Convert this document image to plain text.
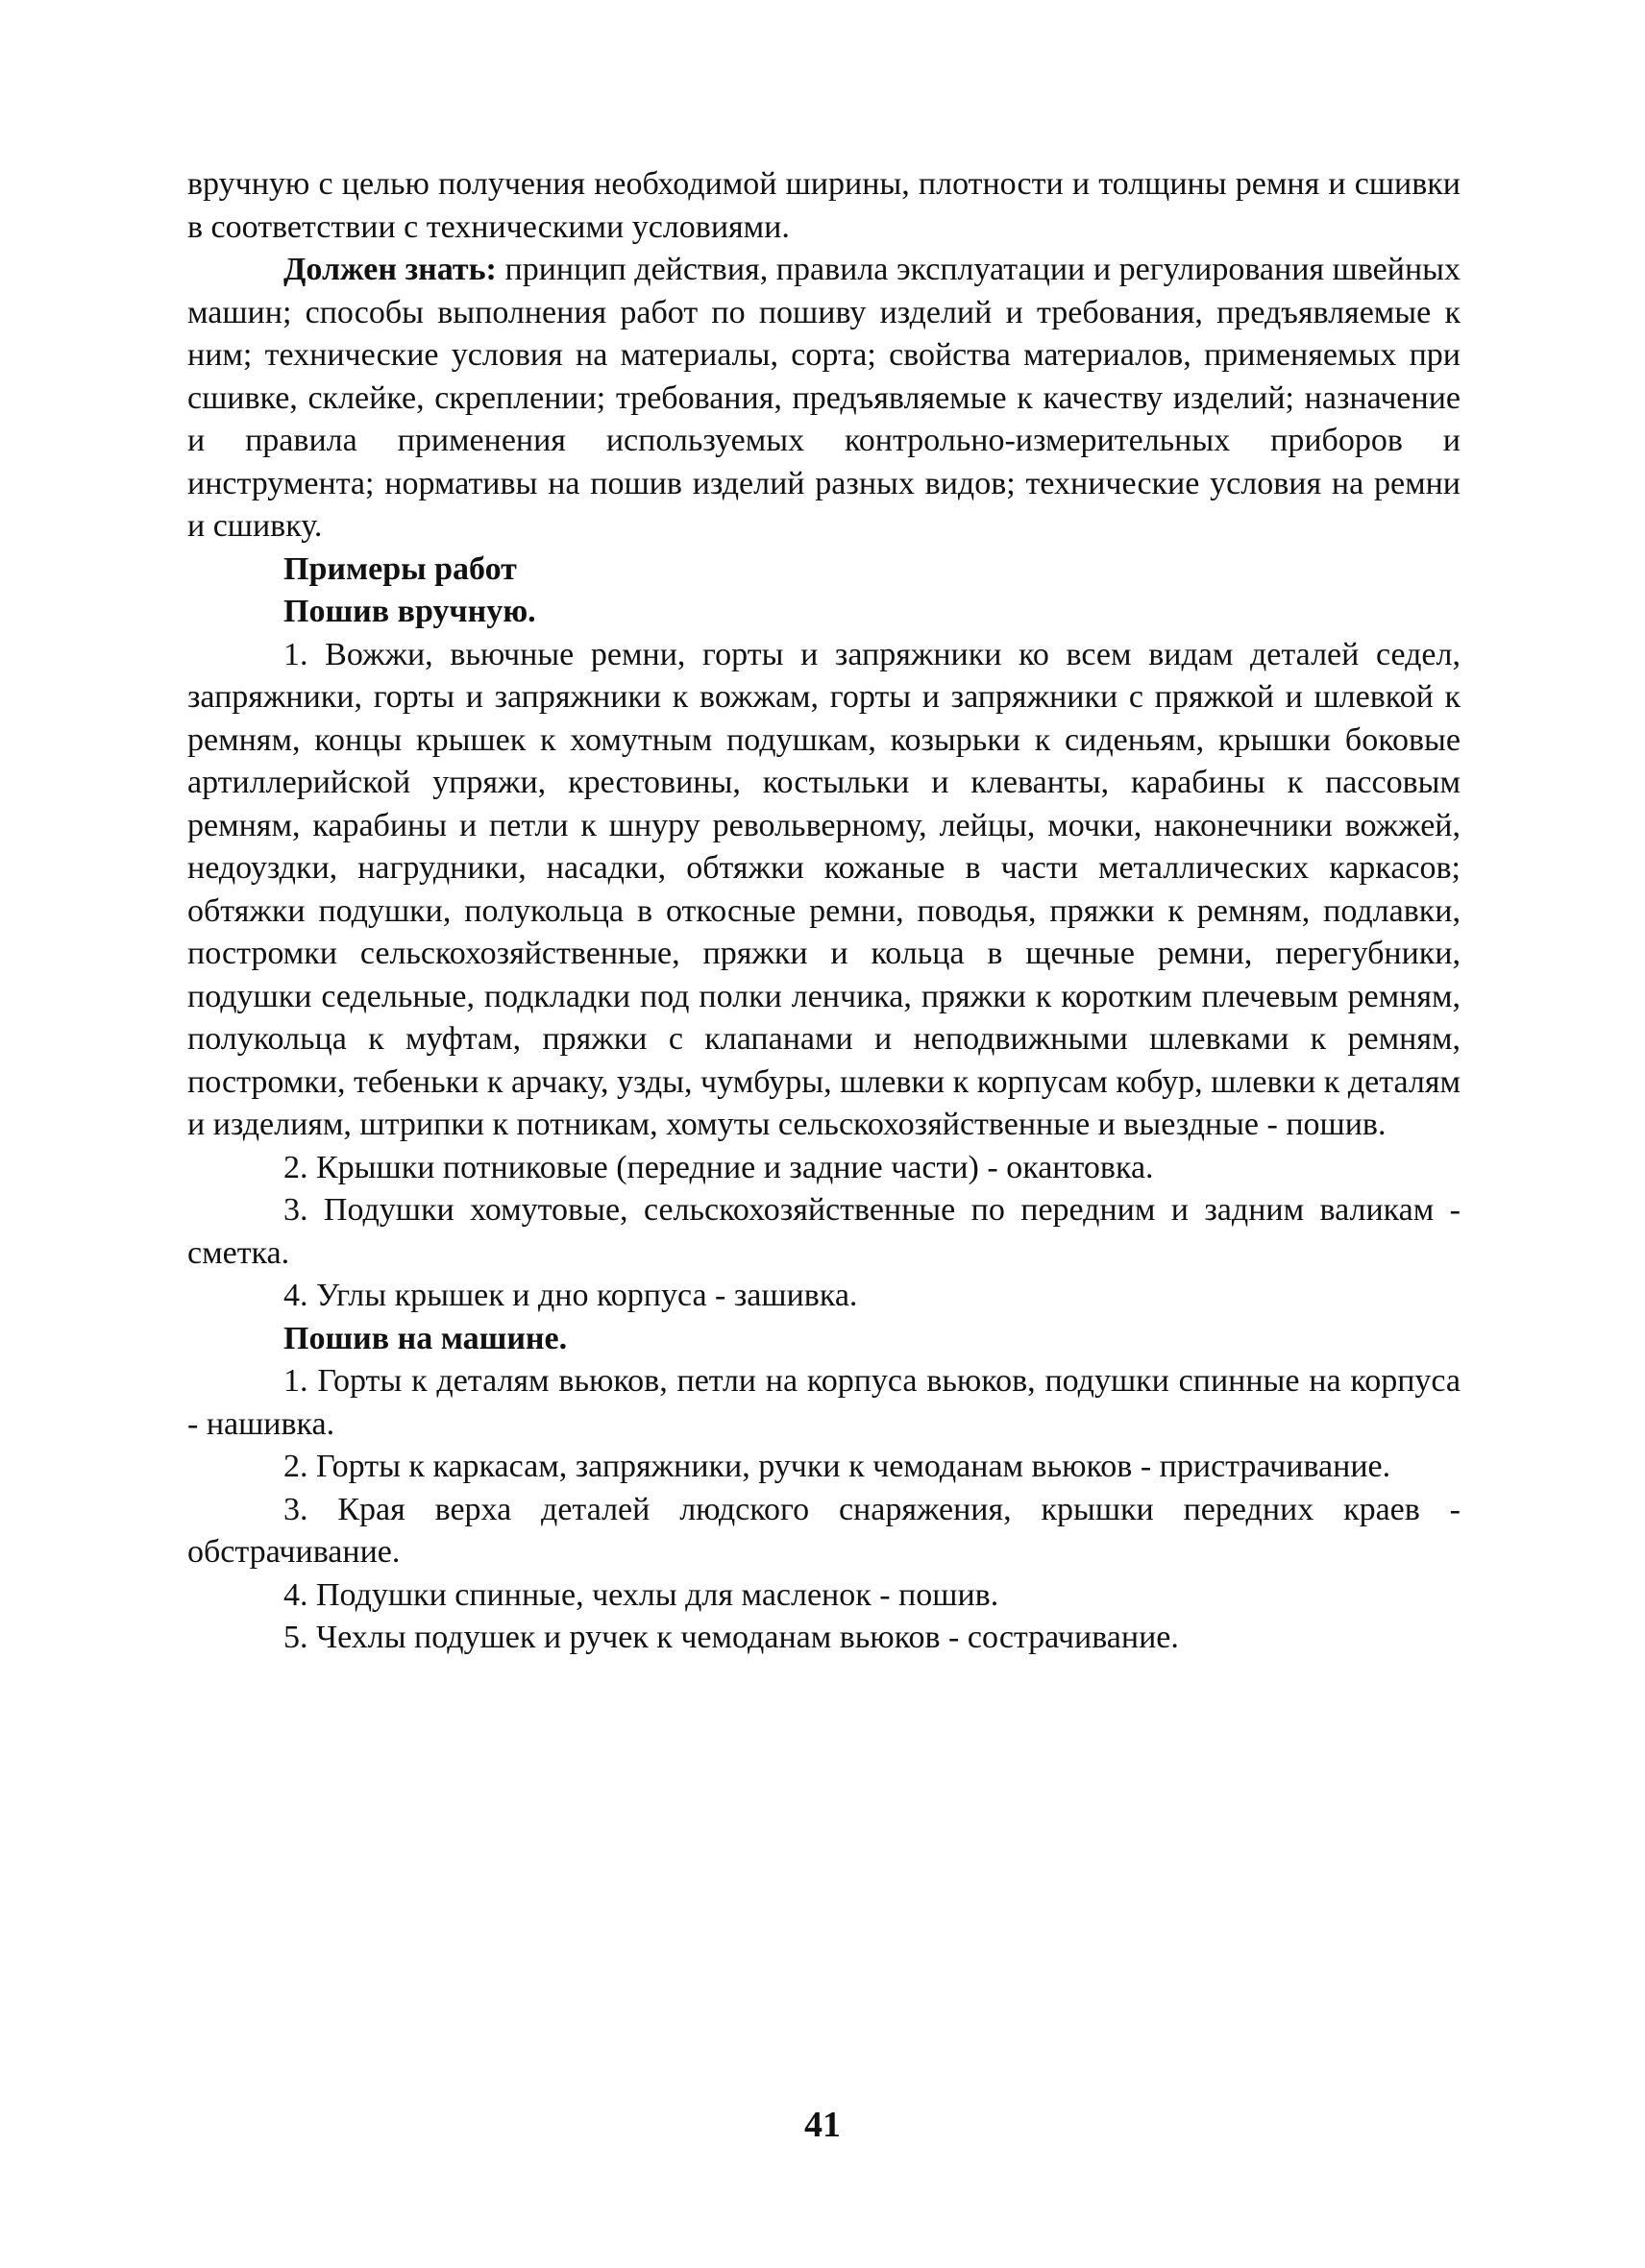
вручную с целью получения необходимой ширины, плотности и толщины ремня и сшивки в соответствии с техническими условиями.

Должен знать: принцип действия, правила эксплуатации и регулирования швейных машин; способы выполнения работ по пошиву изделий и требования, предъявляемые к ним; технические условия на материалы, сорта; свойства материалов, применяемых при сшивке, склейке, скреплении; требования, предъявляемые к качеству изделий; назначение и правила применения используемых контрольно-измерительных приборов и инструмента; нормативы на пошив изделий разных видов; технические условия на ремни и сшивку.

Примеры работ

Пошив вручную.

1. Вожжи, вьючные ремни, горты и запряжники ко всем видам деталей седел, запряжники, горты и запряжники к вожжам, горты и запряжники с пряжкой и шлевкой к ремням, концы крышек к хомутным подушкам, козырьки к сиденьям, крышки боковые артиллерийской упряжи, крестовины, костыльки и клеванты, карабины к пассовым ремням, карабины и петли к шнуру револьверному, лейцы, мочки, наконечники вожжей, недоуздки, нагрудники, насадки, обтяжки кожаные в части металлических каркасов; обтяжки подушки, полукольца в откосные ремни, поводья, пряжки к ремням, подлавки, постромки сельскохозяйственные, пряжки и кольца в щечные ремни, перегубники, подушки седельные, подкладки под полки ленчика, пряжки к коротким плечевым ремням, полукольца к муфтам, пряжки с клапанами и неподвижными шлевками к ремням, постромки, тебеньки к арчаку, узды, чумбуры, шлевки к корпусам кобур, шлевки к деталям и изделиям, штрипки к потникам, хомуты сельскохозяйственные и выездные - пошив.

2. Крышки потниковые (передние и задние части) - окантовка.

3. Подушки хомутовые, сельскохозяйственные по передним и задним валикам - сметка.

4. Углы крышек и дно корпуса - зашивка.

Пошив на машине.

1. Горты к деталям вьюков, петли на корпуса вьюков, подушки спинные на корпуса - нашивка.

2. Горты к каркасам, запряжники, ручки к чемоданам вьюков - пристрачивание.

3. Края верха деталей людского снаряжения, крышки передних краев - обстрачивание.

4. Подушки спинные, чехлы для масленок - пошив.

5. Чехлы подушек и ручек к чемоданам вьюков - сострачивание.

41
